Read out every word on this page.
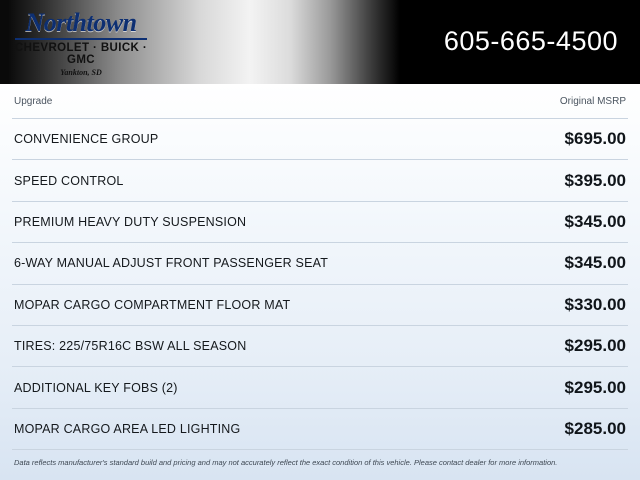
Northtown
CHEVROLET · BUICK · GMC
Yankton, SD
605-665-4500
Upgrade	Original MSRP
CONVENIENCE GROUP	$695.00
SPEED CONTROL	$395.00
PREMIUM HEAVY DUTY SUSPENSION	$345.00
6-WAY MANUAL ADJUST FRONT PASSENGER SEAT	$345.00
MOPAR CARGO COMPARTMENT FLOOR MAT	$330.00
TIRES: 225/75R16C BSW ALL SEASON	$295.00
ADDITIONAL KEY FOBS (2)	$295.00
MOPAR CARGO AREA LED LIGHTING	$285.00
Data reflects manufacturer's standard build and pricing and may not accurately reflect the exact condition of this vehicle. Please contact dealer for more information.
